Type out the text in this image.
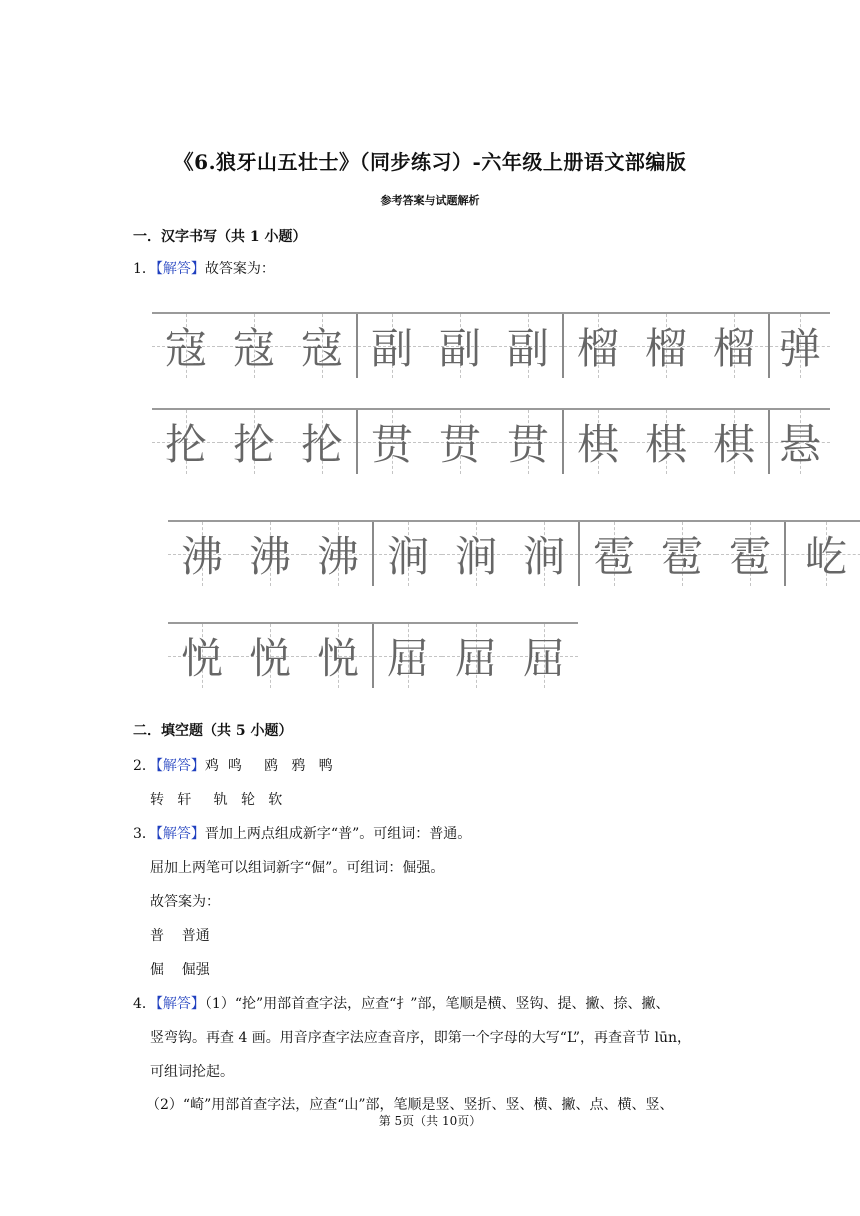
《6.狼牙山五壮士》（同步练习）-六年级上册语文部编版
参考答案与试题解析
一．汉字书写（共 1 小题）
1．【解答】故答案为：
寇 寇 寇 副 副 副 榴 榴 榴 弹
抡 抡 抡 贯 贯 贯 棋 棋 棋 悬
沸 沸 沸 涧 涧 涧 雹 雹 雹 屹
悦 悦 悦 屈 屈 屈
二．填空题（共 5 小题）
2．【解答】鸡  鸣     鸥   鸦   鸭
转   轩     轨   轮   软
3．【解答】晋加上两点组成新字“普”。可组词：普通。
屈加上两笔可以组词新字“倔”。可组词：倔强。
故答案为：
普    普通
倔    倔强
4．【解答】（1）“抡”用部首查字法，应查“扌”部，笔顺是横、竖钩、提、撇、捺、撇、
竖弯钩。再查 4 画。用音序查字法应查音序，即第一个字母的大写“L”，再查音节 lūn，
可组词抡起。
（2）“崎”用部首查字法，应查“山”部，笔顺是竖、竖折、竖、横、撇、点、横、竖、
第 5页（共 10页）
